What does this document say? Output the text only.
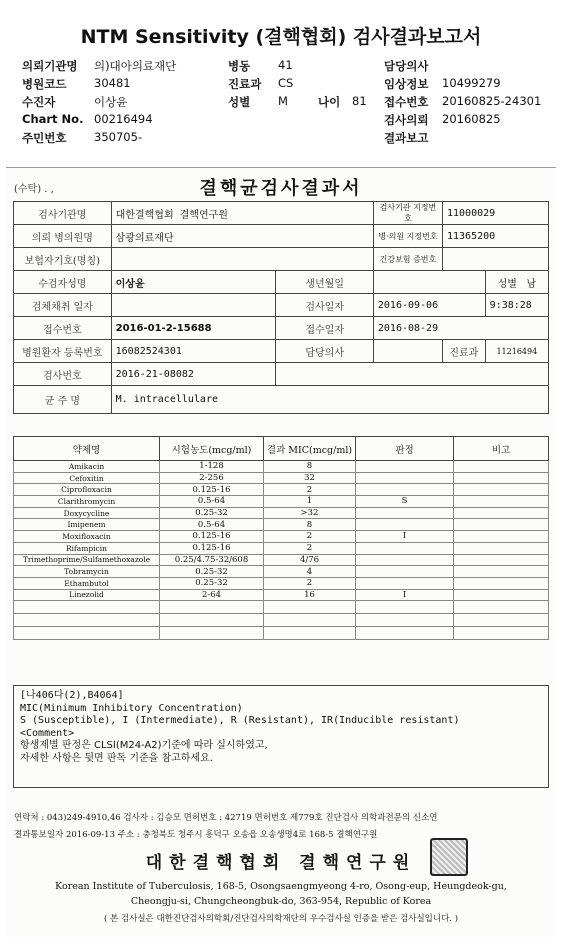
NTM Sensitivity (결핵협회) 검사결과보고서
의뢰기관명 의)대아의료재단	병동 41	담당의사
병원코드 30481	진료과 CS	임상정보 10499279
수진자	이상윤	성별 M	나이 81 접수번호 20160825-24301
Chart No. 00216494	검사의뢰 20160825
주민번호 350705-	결과보고
(수탁) . ,	결핵균검사결과서
검사기관명	대한결핵협회 결핵연구원		검사기관 지정번호	11000029	
의뢰 병의원명	삼광의료재단		병·의원 지정번호	11365200	
보험자기호(명칭)			건강보험 증번호		
수검자성명	이상윤	생년월일			성별 남
검체채취 일자		검사일자	2016-09-06		9:38:28
접수번호	2016-01-2-15688	접수일자	2016-08-29		
병원환자 등록번호	16082524301	담당의사		진료과	11216494
검사번호	2016-21-08082				
균 주 명	M. intracellulare				
약제명	시험농도(mcg/ml)	결과 MIC(mcg/ml)	판정	비고
Amikacin	1-128	8		
Cefoxitin	2-256	32		
Ciprofloxacin	0.125-16	2		
Clarithromycin	0.5-64	1	S	
Doxycycline	0.25-32	>32		
Imipenem	0.5-64	8		
Moxifloxacin	0.125-16	2	I	
Rifampicin	0.125-16	2		
Trimethoprime/Sulfamethoxazole	0.25/4.75-32/608	4/76		
Tobramycin	0.25-32	4		
Ethambutol	0.25-32	2		
Linezolid	2-64	16	I	

[나406다(2),B4064]
MIC(Minimum Inhibitory Concentration)
S (Susceptible), I (Intermediate), R (Resistant), IR(Inducible resistant)
<Comment>
항생제별 판정은 CLSI(M24-A2)기준에 따라 실시하였고,
자세한 사항은 뒷면 판독 기준을 참고하세요.
연락처 : 043)249-4910,46 검사자 : 김승모 면허번호 : 42719 면허번호 제779호 진단검사 의학과전문의 신소연
결과통보일자 2016-09-13 주소 : 충청북도 청주시 흥덕구 오송읍 오송생명4로 168-5 결핵연구원
대한결핵협회 결핵연구원
Korean Institute of Tuberculosis, 168-5, Osongsaengmyeong 4-ro, Osong-eup, Heungdeok-gu,
Cheongju-si, Chungcheongbuk-do, 363-954, Republic of Korea
( 본 검사실은 대한진단검사의학회/진단검사의학재단의 우수검사실 인증을 받은 검사실입니다. )
